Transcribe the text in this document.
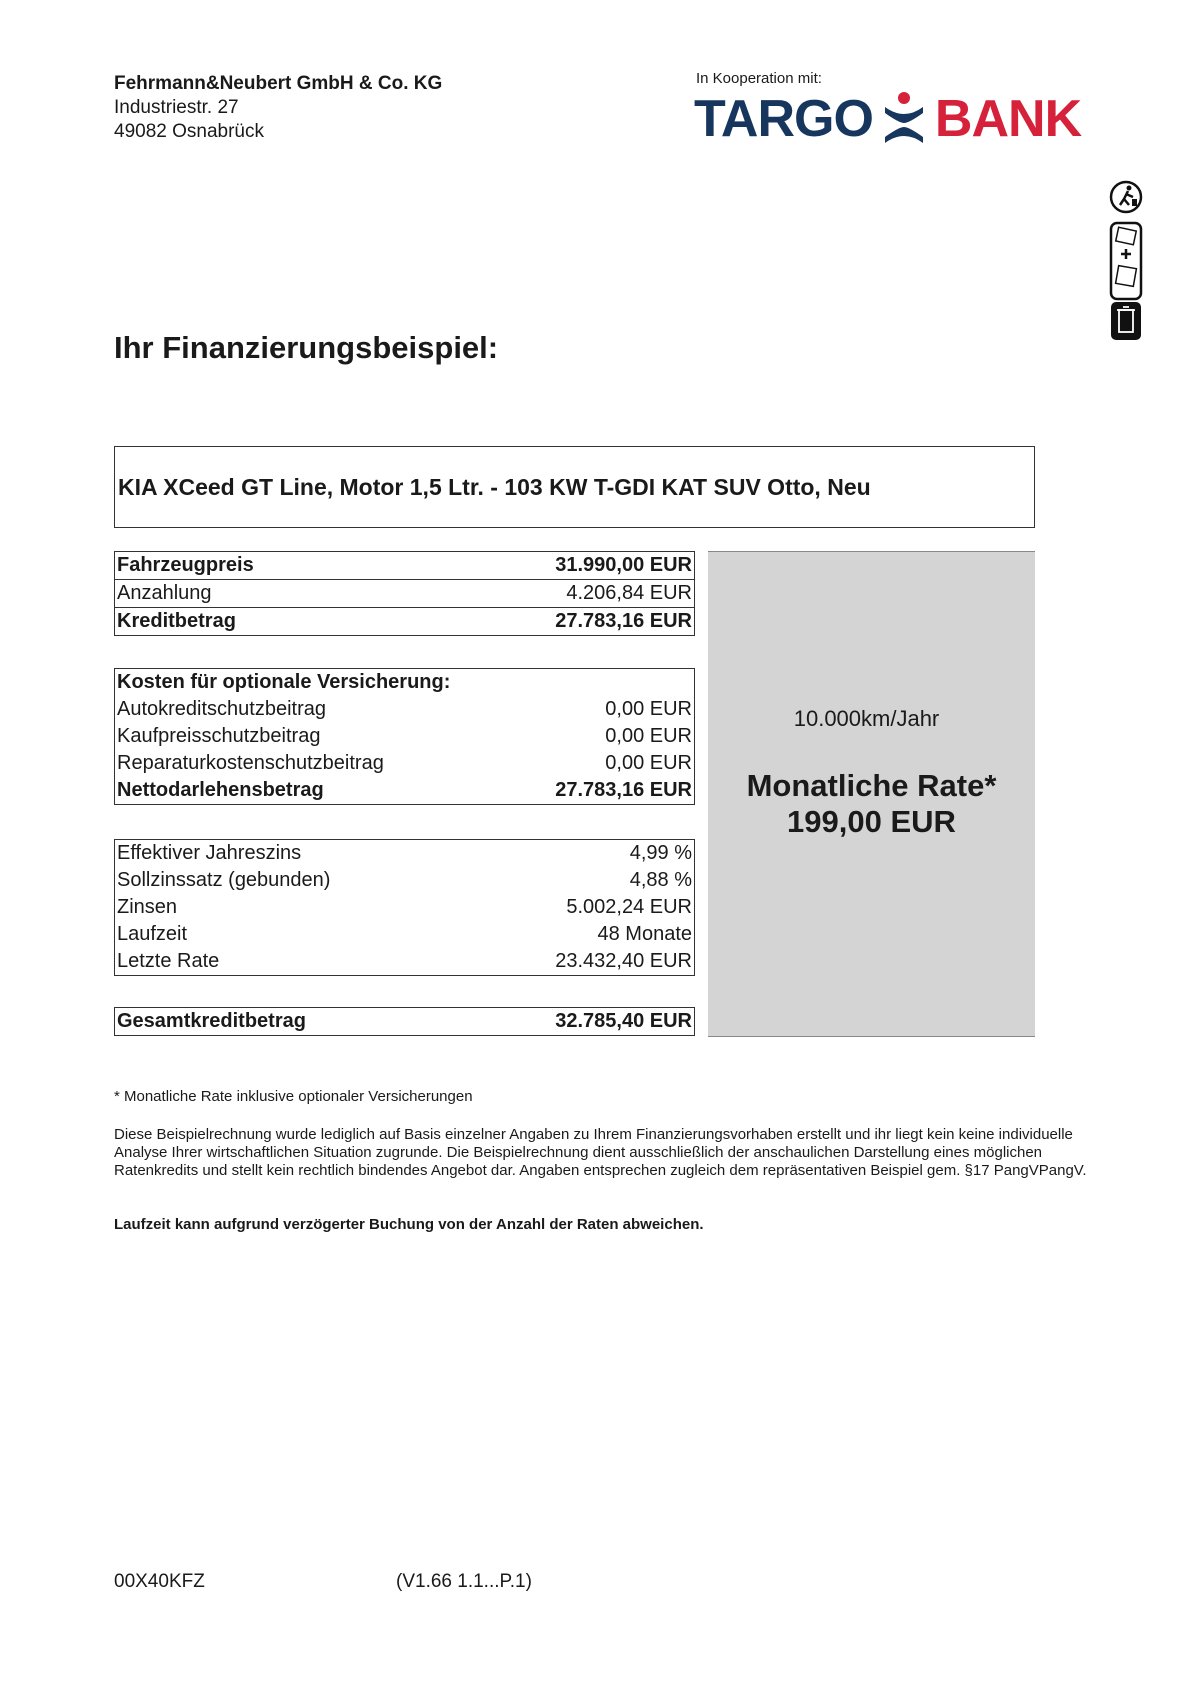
Fehrmann&Neubert GmbH & Co. KG
Industriestr. 27
49082 Osnabrück
In Kooperation mit:
TARGO BANK

Ihr Finanzierungsbeispiel:
KIA XCeed GT Line, Motor 1,5 Ltr. - 103 KW T-GDI KAT SUV Otto, Neu
Fahrzeugpreis	31.990,00 EUR
Anzahlung	4.206,84 EUR
Kreditbetrag	27.783,16 EUR
Kosten für optionale Versicherung:
Autokreditschutzbeitrag	0,00 EUR
Kaufpreisschutzbeitrag	0,00 EUR
Reparaturkostenschutzbeitrag	0,00 EUR
Nettodarlehensbetrag	27.783,16 EUR
Effektiver Jahreszins	4,99 %
Sollzinssatz (gebunden)	4,88 %
Zinsen	5.002,24 EUR
Laufzeit	48 Monate
Letzte Rate	23.432,40 EUR
Gesamtkreditbetrag	32.785,40 EUR
10.000km/Jahr
Monatliche Rate*
199,00 EUR
* Monatliche Rate inklusive optionaler Versicherungen
Diese Beispielrechnung wurde lediglich auf Basis einzelner Angaben zu Ihrem Finanzierungsvorhaben erstellt und ihr liegt kein keine individuelle Analyse Ihrer wirtschaftlichen Situation zugrunde. Die Beispielrechnung dient ausschließlich der anschaulichen Darstellung eines möglichen Ratenkredits und stellt kein rechtlich bindendes Angebot dar. Angaben entsprechen zugleich dem repräsentativen Beispiel gem. §17 PangVPangV.
Laufzeit kann aufgrund verzögerter Buchung von der Anzahl der Raten abweichen.
00X40KFZ	(V1.66 1.1...P.1)
